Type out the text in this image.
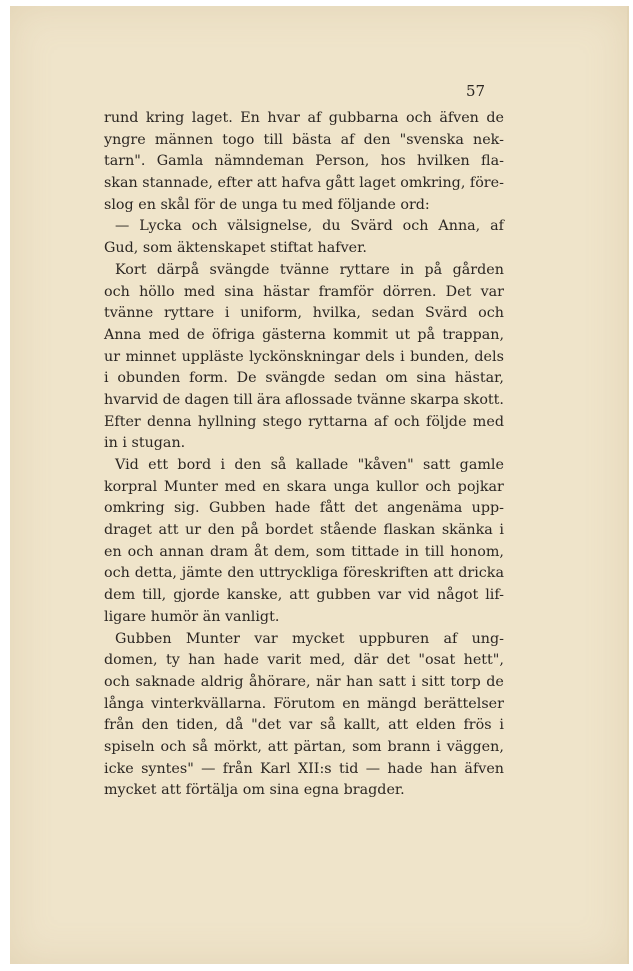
57
rund kring laget. En hvar af gubbarna och äfven de
yngre männen togo till bästa af den "svenska nek-
tarn". Gamla nämndeman Person, hos hvilken fla-
skan stannade, efter att hafva gått laget omkring, före-
slog en skål för de unga tu med följande ord:
— Lycka och välsignelse, du Svärd och Anna, af
Gud, som äktenskapet stiftat hafver.
Kort därpå svängde tvänne ryttare in på gården
och höllo med sina hästar framför dörren. Det var
tvänne ryttare i uniform, hvilka, sedan Svärd och
Anna med de öfriga gästerna kommit ut på trappan,
ur minnet uppläste lyckönskningar dels i bunden, dels
i obunden form. De svängde sedan om sina hästar,
hvarvid de dagen till ära aflossade tvänne skarpa skott.
Efter denna hyllning stego ryttarna af och följde med
in i stugan.
Vid ett bord i den så kallade "kåven" satt gamle
korpral Munter med en skara unga kullor och pojkar
omkring sig. Gubben hade fått det angenäma upp-
draget att ur den på bordet stående flaskan skänka i
en och annan dram åt dem, som tittade in till honom,
och detta, jämte den uttryckliga föreskriften att dricka
dem till, gjorde kanske, att gubben var vid något lif-
ligare humör än vanligt.
Gubben Munter var mycket uppburen af ung-
domen, ty han hade varit med, där det "osat hett",
och saknade aldrig åhörare, när han satt i sitt torp de
långa vinterkvällarna. Förutom en mängd berättelser
från den tiden, då "det var så kallt, att elden frös i
spiseln och så mörkt, att pärtan, som brann i väggen,
icke syntes" — från Karl XII:s tid — hade han äfven
mycket att förtälja om sina egna bragder.
